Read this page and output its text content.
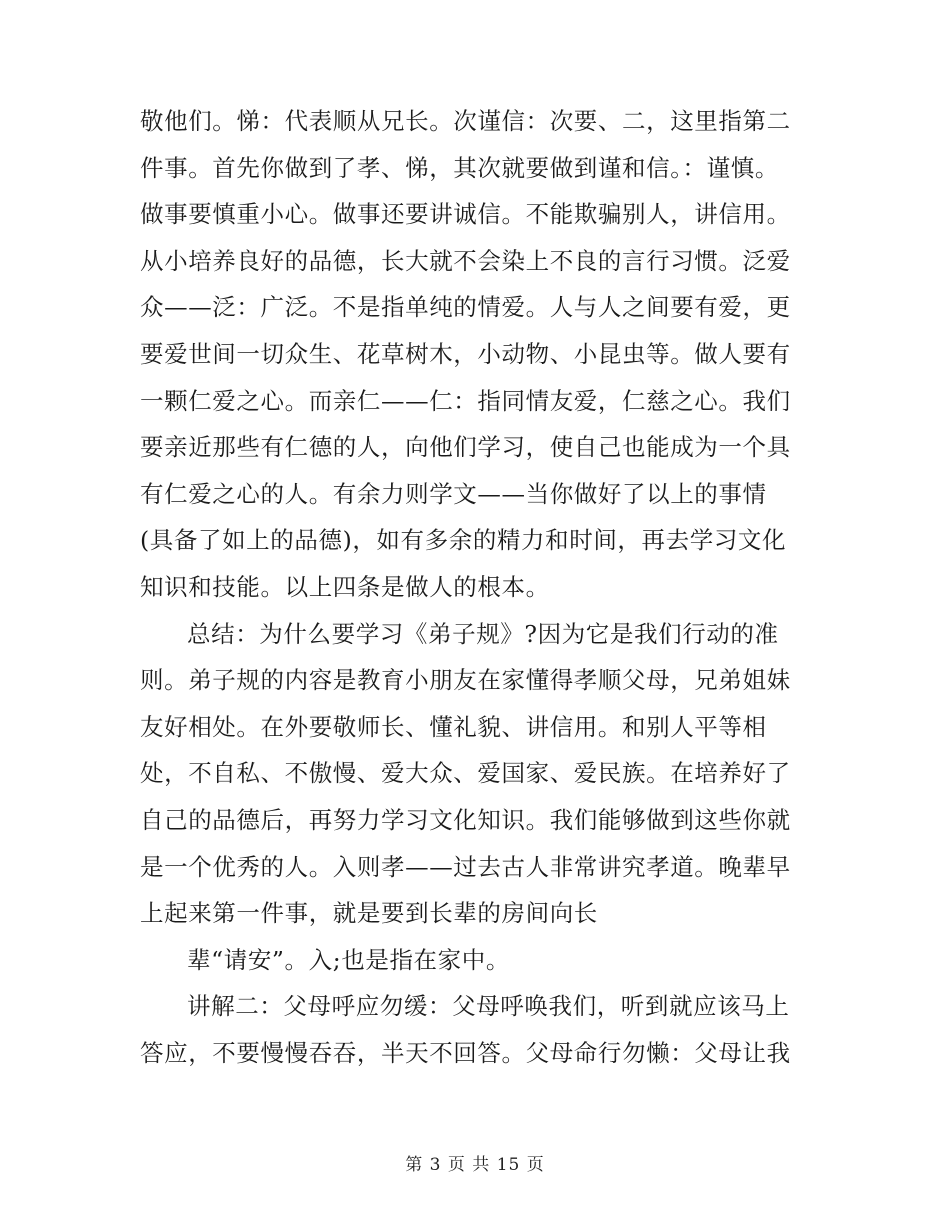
敬他们。悌：代表顺从兄长。次谨信：次要、二，这里指第二
件事。首先你做到了孝、悌，其次就要做到谨和信。：谨慎。
做事要慎重小心。做事还要讲诚信。不能欺骗别人，讲信用。
从小培养良好的品德，长大就不会染上不良的言行习惯。泛爱
众——泛：广泛。不是指单纯的情爱。人与人之间要有爱，更
要爱世间一切众生、花草树木，小动物、小昆虫等。做人要有
一颗仁爱之心。而亲仁——仁：指同情友爱，仁慈之心。我们
要亲近那些有仁德的人，向他们学习，使自己也能成为一个具
有仁爱之心的人。有余力则学文——当你做好了以上的事情
(具备了如上的品德)，如有多余的精力和时间，再去学习文化
知识和技能。以上四条是做人的根本。
总结：为什么要学习《弟子规》?因为它是我们行动的准
则。弟子规的内容是教育小朋友在家懂得孝顺父母，兄弟姐妹
友好相处。在外要敬师长、懂礼貌、讲信用。和别人平等相
处，不自私、不傲慢、爱大众、爱国家、爱民族。在培养好了
自己的品德后，再努力学习文化知识。我们能够做到这些你就
是一个优秀的人。入则孝——过去古人非常讲究孝道。晚辈早
上起来第一件事，就是要到长辈的房间向长
辈“请安”。入;也是指在家中。
讲解二：父母呼应勿缓：父母呼唤我们，听到就应该马上
答应，不要慢慢吞吞，半天不回答。父母命行勿懒：父母让我
第 3 页 共 15 页
